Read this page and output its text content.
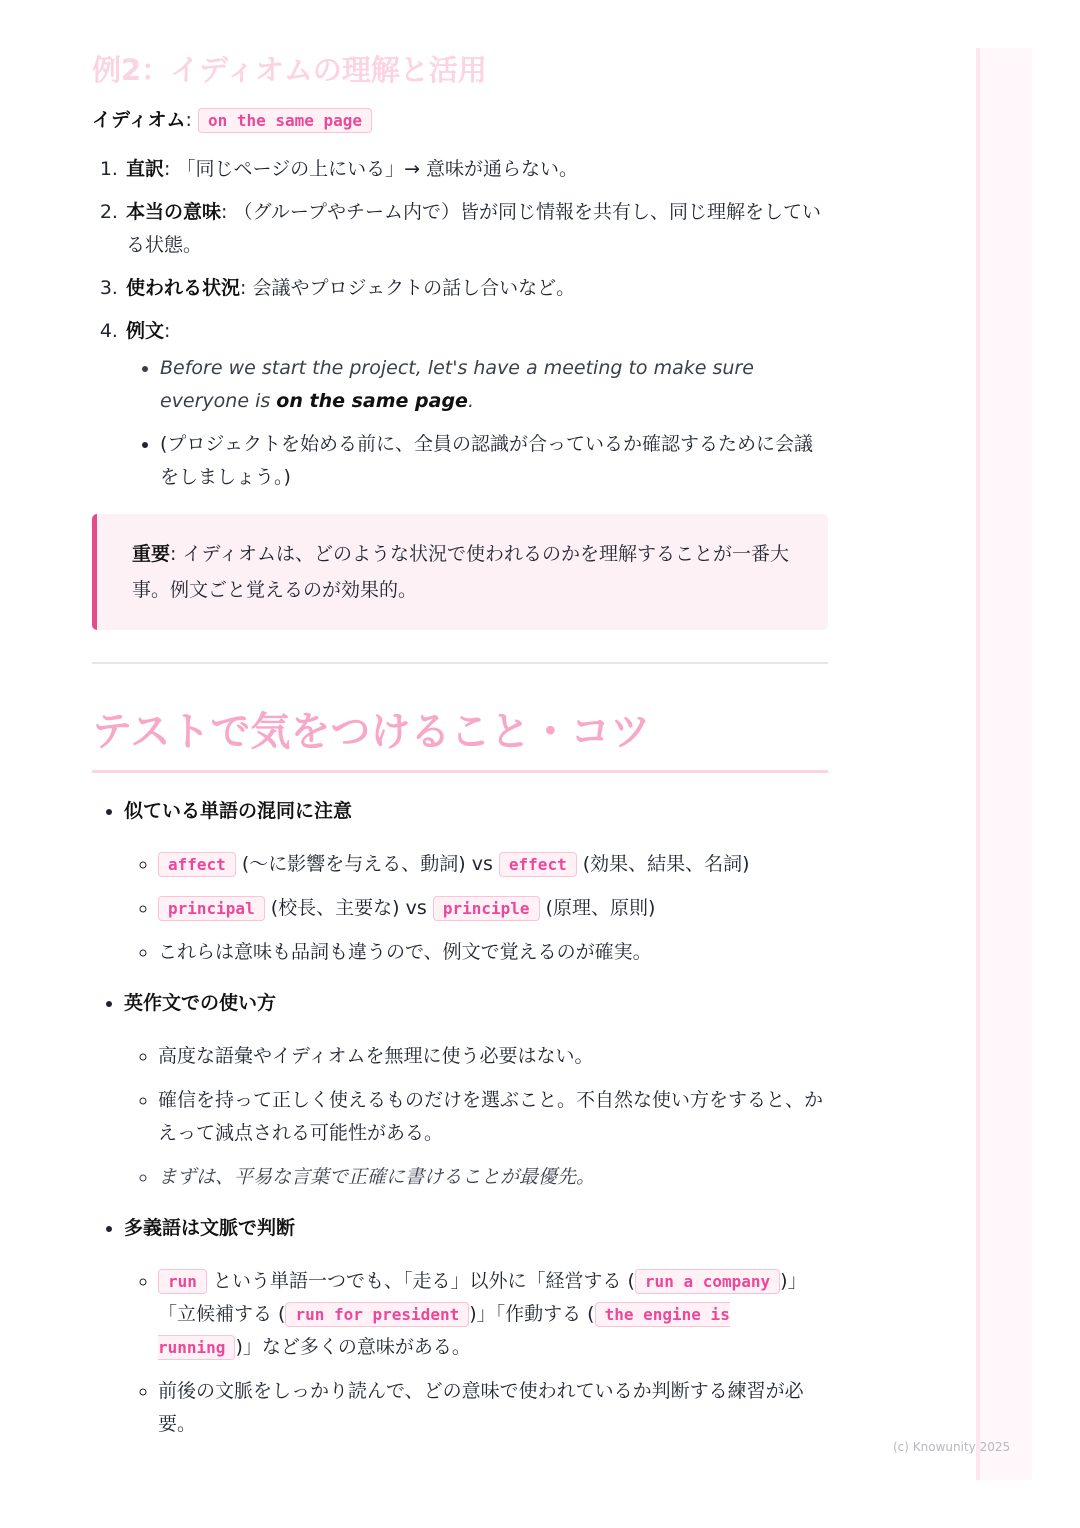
例2：イディオムの理解と活用

イディオム: on the same page

1. 直訳: 「同じページの上にいる」→ 意味が通らない。
2. 本当の意味: （グループやチーム内で）皆が同じ情報を共有し、同じ理解をしている状態。
3. 使われる状況: 会議やプロジェクトの話し合いなど。
4. 例文:
• Before we start the project, let's have a meeting to make sure everyone is on the same page.
• (プロジェクトを始める前に、全員の認識が合っているか確認するために会議をしましょう。)
重要: イディオムは、どのような状況で使われるのかを理解することが一番大事。例文ごと覚えるのが効果的。
テストで気をつけること・コツ
• 似ている単語の混同に注意
◦ affect (〜に影響を与える、動詞) vs effect (効果、結果、名詞)
◦ principal (校長、主要な) vs principle (原理、原則)
◦ これらは意味も品詞も違うので、例文で覚えるのが確実。
• 英作文での使い方
◦ 高度な語彙やイディオムを無理に使う必要はない。
◦ 確信を持って正しく使えるものだけを選ぶこと。不自然な使い方をすると、かえって減点される可能性がある。
◦ まずは、平易な言葉で正確に書けることが最優先。
• 多義語は文脈で判断
◦ run という単語一つでも、「走る」以外に「経営する ( run a company )」「立候補する ( run for president )」「作動する ( the engine is running )」など多くの意味がある。
◦ 前後の文脈をしっかり読んで、どの意味で使われているか判断する練習が必要。
(c) Knowunity 2025
